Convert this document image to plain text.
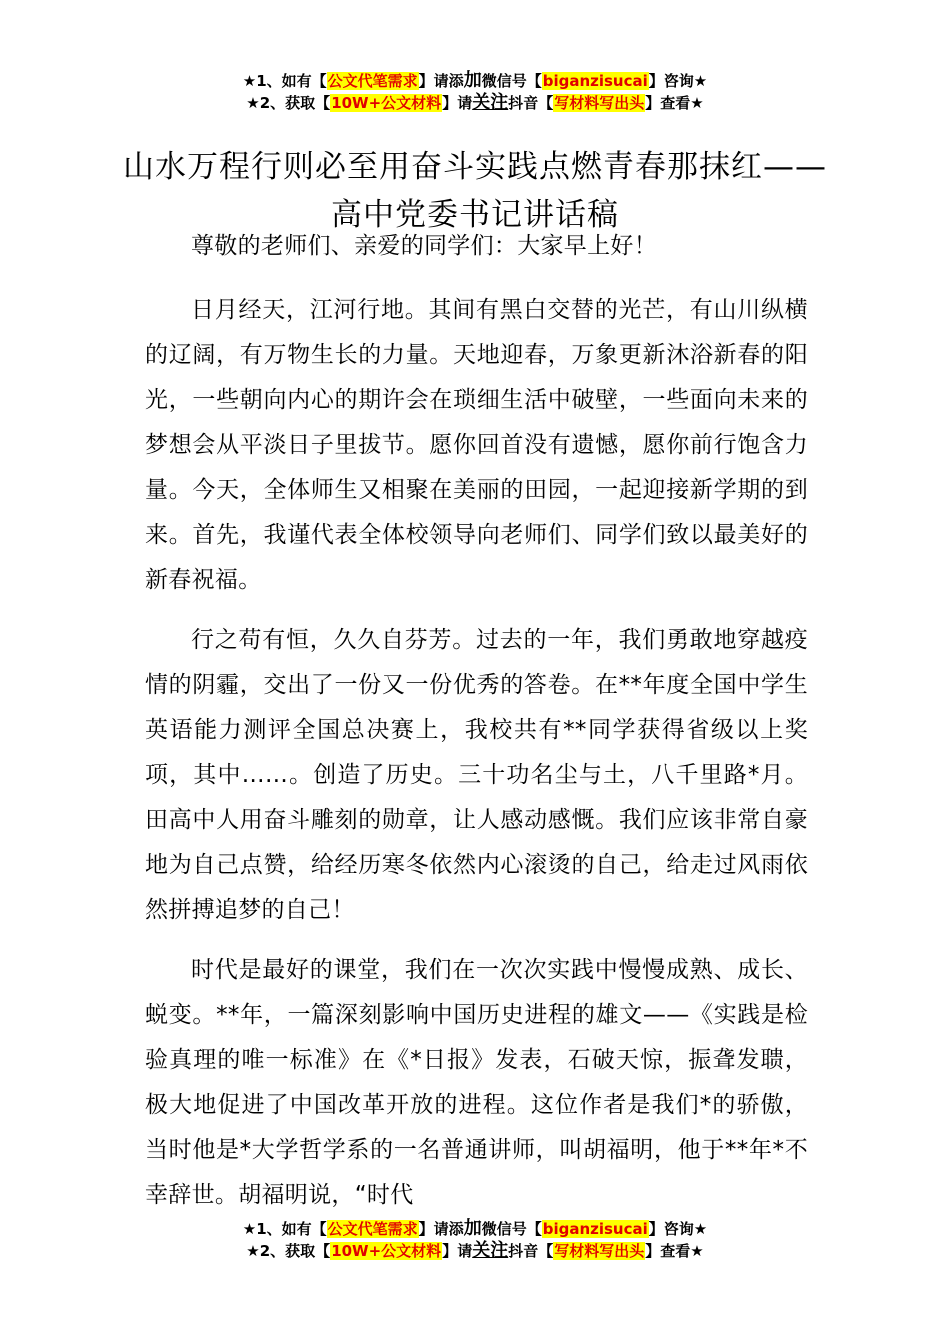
★1、如有【公文代笔需求】请添加微信号【biganzisucai】咨询★
★2、获取【10W+公文材料】请关注抖音【写材料写出头】查看★
山水万程行则必至用奋斗实践点燃青春那抹红——高中党委书记讲话稿

尊敬的老师们、亲爱的同学们：大家早上好！

日月经天，江河行地。其间有黑白交替的光芒，有山川纵横的辽阔，有万物生长的力量。天地迎春，万象更新沐浴新春的阳光，一些朝向内心的期许会在琐细生活中破壁，一些面向未来的梦想会从平淡日子里拔节。愿你回首没有遗憾，愿你前行饱含力量。今天，全体师生又相聚在美丽的田园，一起迎接新学期的到来。首先，我谨代表全体校领导向老师们、同学们致以最美好的新春祝福。

行之苟有恒，久久自芬芳。过去的一年，我们勇敢地穿越疫情的阴霾，交出了一份又一份优秀的答卷。在**年度全国中学生英语能力测评全国总决赛上，我校共有**同学获得省级以上奖项，其中……。创造了历史。三十功名尘与土，八千里路*月。田高中人用奋斗雕刻的勋章，让人感动感慨。我们应该非常自豪地为自己点赞，给经历寒冬依然内心滚烫的自己，给走过风雨依然拼搏追梦的自己！

时代是最好的课堂，我们在一次次实践中慢慢成熟、成长、蜕变。**年，一篇深刻影响中国历史进程的雄文——《实践是检验真理的唯一标准》在《*日报》发表，石破天惊，振聋发聩，极大地促进了中国改革开放的进程。这位作者是我们*的骄傲，当时他是*大学哲学系的一名普通讲师，叫胡福明，他于**年*不幸辞世。胡福明说，“时代

★1、如有【公文代笔需求】请添加微信号【biganzisucai】咨询★
★2、获取【10W+公文材料】请关注抖音【写材料写出头】查看★
